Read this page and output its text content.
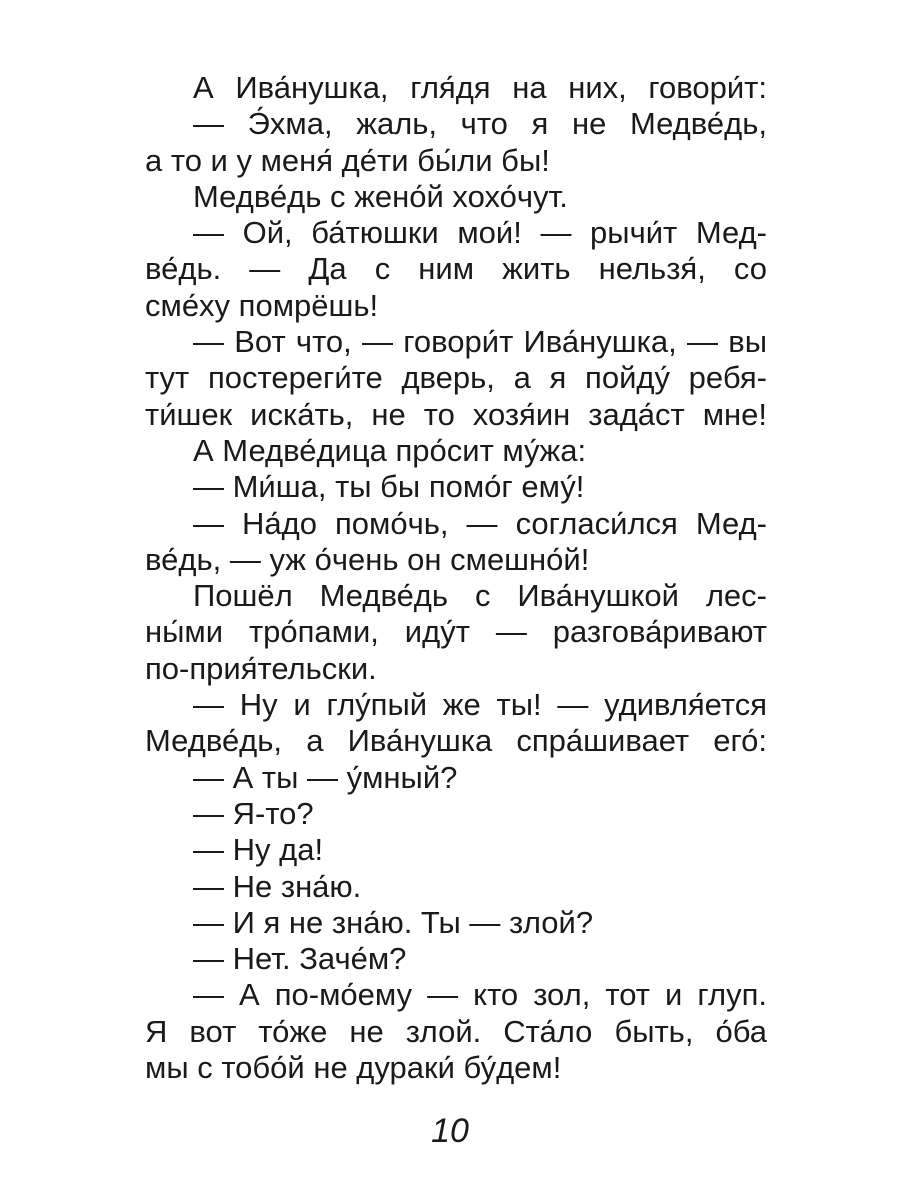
А Ива́нушка, гля́дя на них, говори́т:
— Э́хма, жаль, что я не Медве́дь,
а то и у меня́ де́ти бы́ли бы!
Медве́дь с жено́й хохо́чут.
— Ой, ба́тюшки мои́! — рычи́т Мед-
ве́дь. — Да с ним жить нельзя́, со
сме́ху помрёшь!
— Вот что, — говори́т Ива́нушка, — вы
тут постереги́те дверь, а я пойду́ ребя-
ти́шек иска́ть, не то хозя́ин зада́ст мне!
А Медве́дица про́сит му́жа:
— Ми́ша, ты бы помо́г ему́!
— На́до помо́чь, — согласи́лся Мед-
ве́дь, — уж о́чень он смешно́й!
Пошёл Медве́дь с Ива́нушкой лес-
ны́ми тро́пами, иду́т — разгова́ривают
по-прия́тельски.
— Ну и глу́пый же ты! — удивля́ется
Медве́дь, а Ива́нушка спра́шивает его́:
— А ты — у́мный?
— Я-то?
— Ну да!
— Не зна́ю.
— И я не зна́ю. Ты — злой?
— Нет. Заче́м?
— А по-мо́ему — кто зол, тот и глуп.
Я вот то́же не злой. Ста́ло быть, о́ба
мы с тобо́й не дураки́ бу́дем!
10
